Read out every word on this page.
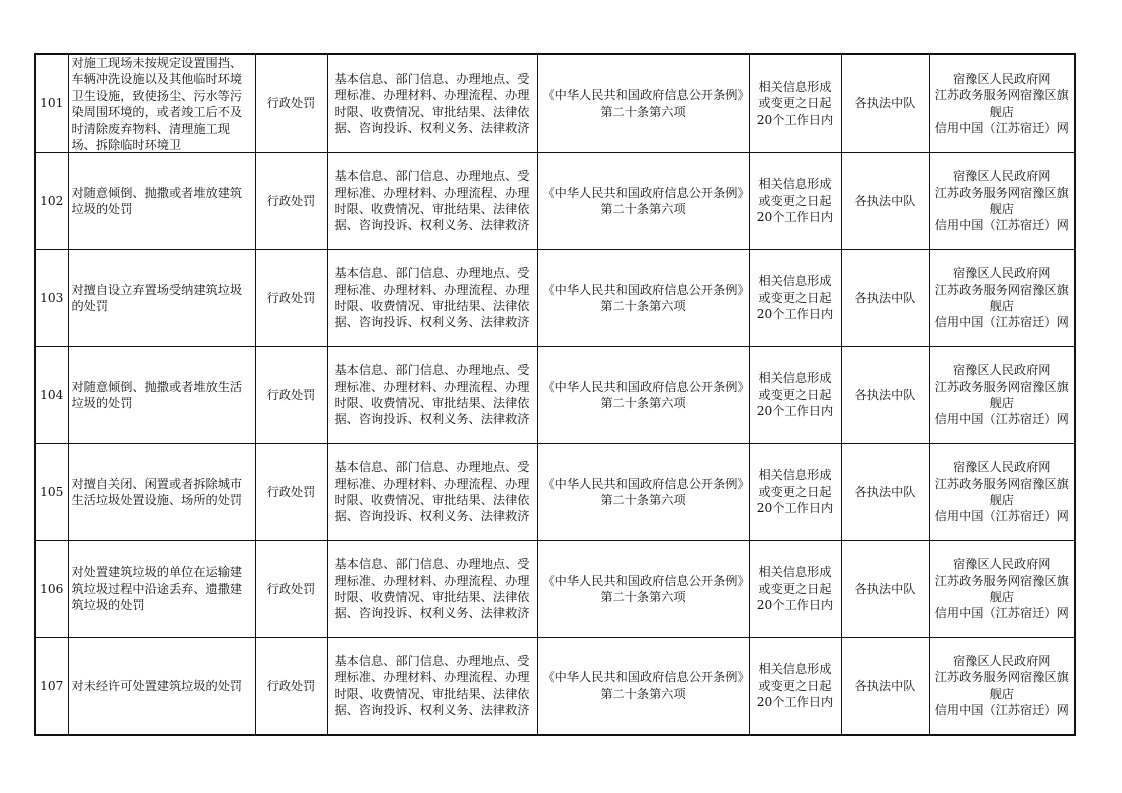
101	对施工现场未按规定设置围挡、车辆冲洗设施以及其他临时环境卫生设施，致使扬尘、污水等污染周围环境的，或者竣工后不及时清除废弃物料、清理施工现场、拆除临时环境卫	行政处罚	基本信息、部门信息、办理地点、受理标准、办理材料、办理流程、办理时限、收费情况、审批结果、法律依据、咨询投诉、权利义务、法律救济	《中华人民共和国政府信息公开条例》第二十条第六项	相关信息形成或变更之日起20个工作日内	各执法中队	宿豫区人民政府网
江苏政务服务网宿豫区旗舰店
信用中国（江苏宿迁）网

102	对随意倾倒、抛撒或者堆放建筑垃圾的处罚	行政处罚	基本信息、部门信息、办理地点、受理标准、办理材料、办理流程、办理时限、收费情况、审批结果、法律依据、咨询投诉、权利义务、法律救济	《中华人民共和国政府信息公开条例》第二十条第六项	相关信息形成或变更之日起20个工作日内	各执法中队	宿豫区人民政府网
江苏政务服务网宿豫区旗舰店
信用中国（江苏宿迁）网

103	对擅自设立弃置场受纳建筑垃圾的处罚	行政处罚	基本信息、部门信息、办理地点、受理标准、办理材料、办理流程、办理时限、收费情况、审批结果、法律依据、咨询投诉、权利义务、法律救济	《中华人民共和国政府信息公开条例》第二十条第六项	相关信息形成或变更之日起20个工作日内	各执法中队	宿豫区人民政府网
江苏政务服务网宿豫区旗舰店
信用中国（江苏宿迁）网

104	对随意倾倒、抛撒或者堆放生活垃圾的处罚	行政处罚	基本信息、部门信息、办理地点、受理标准、办理材料、办理流程、办理时限、收费情况、审批结果、法律依据、咨询投诉、权利义务、法律救济	《中华人民共和国政府信息公开条例》第二十条第六项	相关信息形成或变更之日起20个工作日内	各执法中队	宿豫区人民政府网
江苏政务服务网宿豫区旗舰店
信用中国（江苏宿迁）网

105	对擅自关闭、闲置或者拆除城市生活垃圾处置设施、场所的处罚	行政处罚	基本信息、部门信息、办理地点、受理标准、办理材料、办理流程、办理时限、收费情况、审批结果、法律依据、咨询投诉、权利义务、法律救济	《中华人民共和国政府信息公开条例》第二十条第六项	相关信息形成或变更之日起20个工作日内	各执法中队	宿豫区人民政府网
江苏政务服务网宿豫区旗舰店
信用中国（江苏宿迁）网

106	对处置建筑垃圾的单位在运输建筑垃圾过程中沿途丢弃、遗撒建筑垃圾的处罚	行政处罚	基本信息、部门信息、办理地点、受理标准、办理材料、办理流程、办理时限、收费情况、审批结果、法律依据、咨询投诉、权利义务、法律救济	《中华人民共和国政府信息公开条例》第二十条第六项	相关信息形成或变更之日起20个工作日内	各执法中队	宿豫区人民政府网
江苏政务服务网宿豫区旗舰店
信用中国（江苏宿迁）网

107	对未经许可处置建筑垃圾的处罚	行政处罚	基本信息、部门信息、办理地点、受理标准、办理材料、办理流程、办理时限、收费情况、审批结果、法律依据、咨询投诉、权利义务、法律救济	《中华人民共和国政府信息公开条例》第二十条第六项	相关信息形成或变更之日起20个工作日内	各执法中队	宿豫区人民政府网
江苏政务服务网宿豫区旗舰店
信用中国（江苏宿迁）网
